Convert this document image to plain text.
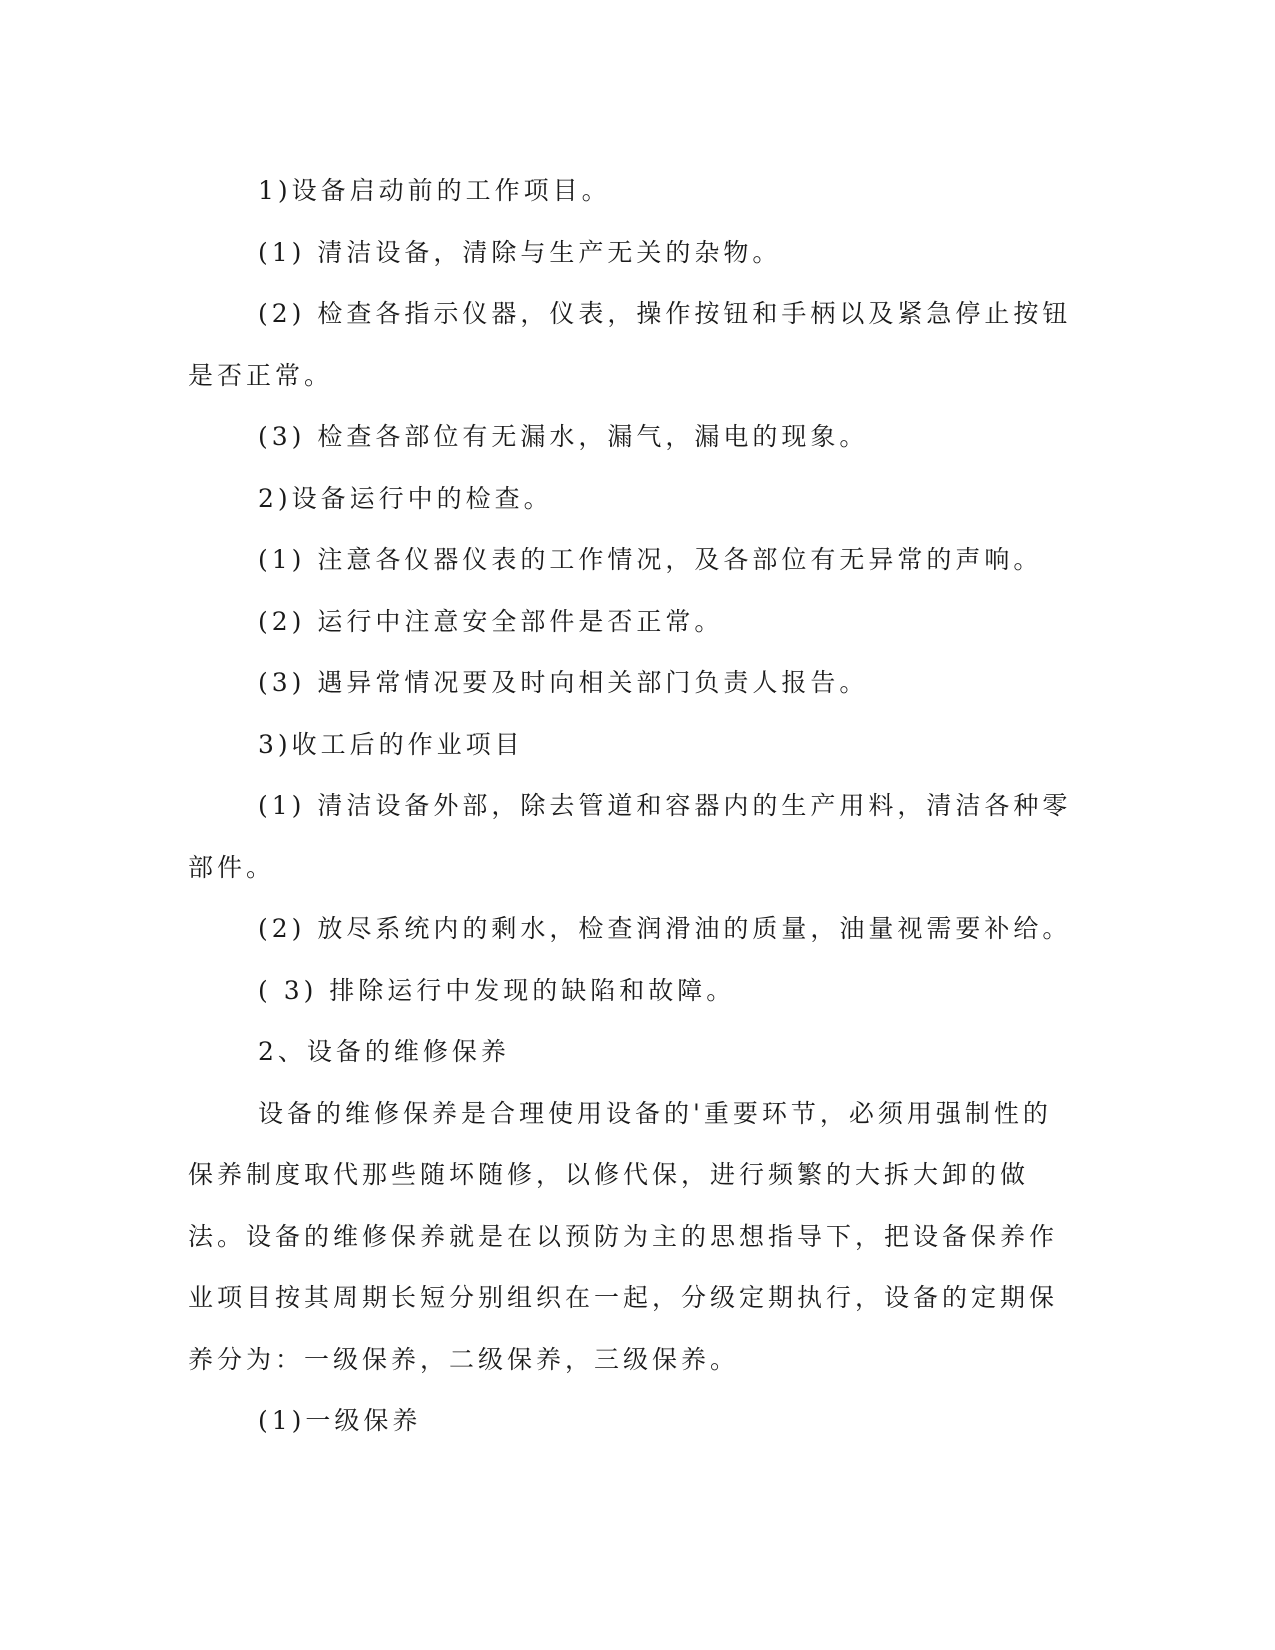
1)设备启动前的工作项目。

(1) 清洁设备，清除与生产无关的杂物。

(2) 检查各指示仪器，仪表，操作按钮和手柄以及紧急停止按钮是否正常。

(3) 检查各部位有无漏水，漏气，漏电的现象。

2)设备运行中的检查。

(1) 注意各仪器仪表的工作情况，及各部位有无异常的声响。

(2) 运行中注意安全部件是否正常。

(3) 遇异常情况要及时向相关部门负责人报告。

3)收工后的作业项目

(1) 清洁设备外部，除去管道和容器内的生产用料，清洁各种零部件。

(2) 放尽系统内的剩水，检查润滑油的质量，油量视需要补给。

( 3) 排除运行中发现的缺陷和故障。

2、设备的维修保养

设备的维修保养是合理使用设备的'重要环节，必须用强制性的保养制度取代那些随坏随修，以修代保，进行频繁的大拆大卸的做法。设备的维修保养就是在以预防为主的思想指导下，把设备保养作业项目按其周期长短分别组织在一起，分级定期执行，设备的定期保养分为：一级保养，二级保养，三级保养。

(1)一级保养
